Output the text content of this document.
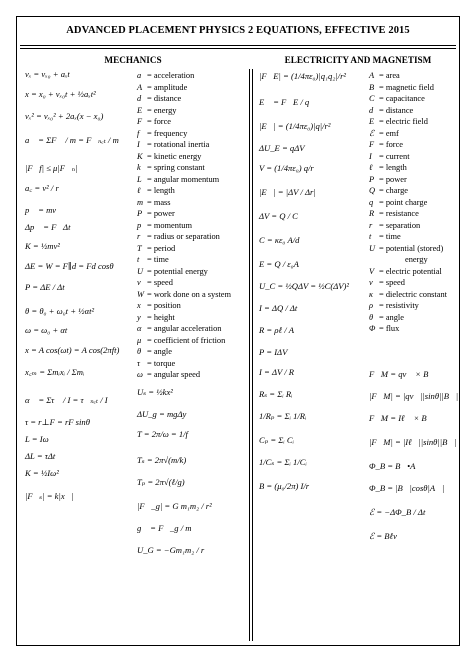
ADVANCED PLACEMENT PHYSICS 2 EQUATIONS, EFFECTIVE 2015
MECHANICS	ELECTRICITY AND MAGNETISM
vₓ = vₓ₀ + aₓt
x = x₀ + vₓ₀t + ½aₓt²
vₓ² = vₓ₀² + 2aₓ(x − x₀)
a⃗ = ΣF⃗ / m = F⃗ₙₑₜ / m
|F⃗f| ≤ μ|F⃗ₙ|
a꜀ = v² / r
p⃗ = mv⃗
Δp⃗ = F⃗Δt
K = ½mv²
ΔE = W = F∥d = Fd cosθ
P = ΔE / Δt
θ = θ₀ + ω₀t + ½αt²
ω = ω₀ + αt
x = A cos(ωt) = A cos(2πft)
x꜀ₘ = Σmᵢxᵢ / Σmᵢ
α⃗ = Στ⃗ / I = τ⃗ₙₑₜ / I
τ = r⊥F = rF sinθ
L = Iω
ΔL = τΔt
K = ½Iω²
|F⃗ₛ| = k|x⃗|
Uₛ = ½kx²
ΔU_g = mgΔy
T = 2π/ω = 1/f
Tₛ = 2π√(m/k)
Tₚ = 2π√(ℓ/g)
|F⃗_g| = G m₁m₂ / r²
g⃗ = F⃗_g / m
U_G = −Gm₁m₂ / r
a = acceleration
A = amplitude
d = distance
E = energy
F = force
f = frequency
I = rotational inertia
K = kinetic energy
k = spring constant
L = angular momentum
ℓ = length
m = mass
P = power
p = momentum
r = radius or separation
T = period
t = time
U = potential energy
v = speed
W = work done on a system
x = position
y = height
α = angular acceleration
μ = coefficient of friction
θ = angle
τ = torque
ω = angular speed
|F⃗E| = (1/4πε₀)|q₁q₂|/r²
E⃗ = F⃗E / q
|E⃗| = (1/4πε₀)|q|/r²
ΔU_E = qΔV
V = (1/4πε₀) q/r
|E⃗| = |ΔV / Δr|
ΔV = Q / C
C = κε₀ A/d
E = Q / ε₀A
U_C = ½QΔV = ½C(ΔV)²
I = ΔQ / Δt
R = ρℓ / A
P = IΔV
I = ΔV / R
Rₛ = Σᵢ Rᵢ
1/Rₚ = Σᵢ 1/Rᵢ
Cₚ = Σᵢ Cᵢ
1/Cₛ = Σᵢ 1/Cᵢ
B = (μ₀/2π) I/r
F⃗M = qv⃗ × B⃗
|F⃗M| = |qv⃗||sinθ||B⃗|
F⃗M = Iℓ⃗ × B⃗
|F⃗M| = |Iℓ⃗||sinθ||B⃗|
Φ_B = B⃗•A⃗
Φ_B = |B⃗|cosθ|A⃗|
ℰ = −ΔΦ_B / Δt
ℰ = Bℓv
A = area
B = magnetic field
C = capacitance
d = distance
E = electric field
ℰ = emf
F = force
I = current
ℓ = length
P = power
Q = charge
q = point charge
R = resistance
r = separation
t = time
U = potential (stored)
energy
V = electric potential
v = speed
κ = dielectric constant
ρ = resistivity
θ = angle
Φ = flux
